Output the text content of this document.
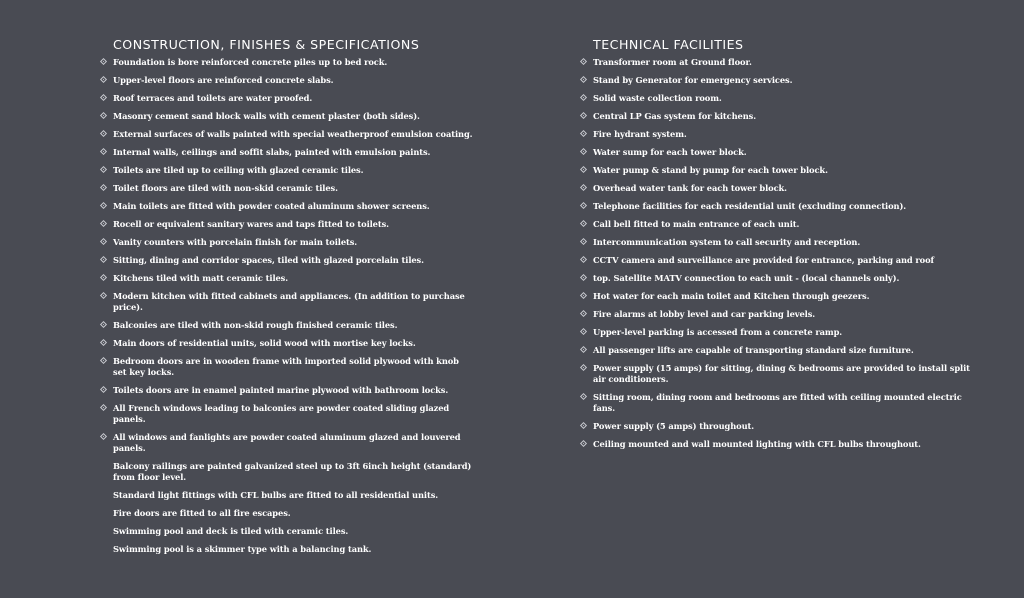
CONSTRUCTION, FINISHES & SPECIFICATIONS
Foundation is bore reinforced concrete piles up to bed rock.
Upper-level floors are reinforced concrete slabs.
Roof terraces and toilets are water proofed.
Masonry cement sand block walls with cement plaster (both sides).
External surfaces of walls painted with special weatherproof emulsion coating.
Internal walls, ceilings and soffit slabs, painted with emulsion paints.
Toilets are tiled up to ceiling with glazed ceramic tiles.
Toilet floors are tiled with non-skid ceramic tiles.
Main toilets are fitted with powder coated aluminum shower screens.
Rocell or equivalent sanitary wares and taps fitted to toilets.
Vanity counters with porcelain finish for main toilets.
Sitting, dining and corridor spaces, tiled with glazed porcelain tiles.
Kitchens tiled with matt ceramic tiles.
Modern kitchen with fitted cabinets and appliances. (In addition to purchase price).
Balconies are tiled with non-skid rough finished ceramic tiles.
Main doors of residential units, solid wood with mortise key locks.
Bedroom doors are in wooden frame with imported solid plywood with knob set key locks.
Toilets doors are in enamel painted marine plywood with bathroom locks.
All French windows leading to balconies are powder coated sliding glazed panels.
All windows and fanlights are powder coated aluminum glazed and louvered panels.
Balcony railings are painted galvanized steel up to 3ft 6inch height (standard) from floor level.
Standard light fittings with CFL bulbs are fitted to all residential units.
Fire doors are fitted to all fire escapes.
Swimming pool and deck is tiled with ceramic tiles.
Swimming pool is a skimmer type with a balancing tank.
TECHNICAL FACILITIES
Transformer room at Ground floor.
Stand by Generator for emergency services.
Solid waste collection room.
Central LP Gas system for kitchens.
Fire hydrant system.
Water sump for each tower block.
Water pump & stand by pump for each tower block.
Overhead water tank for each tower block.
Telephone facilities for each residential unit (excluding connection).
Call bell fitted to main entrance of each unit.
Intercommunication system to call security and reception.
CCTV camera and surveillance are provided for entrance, parking and roof
top. Satellite MATV connection to each unit - (local channels only).
Hot water for each main toilet and Kitchen through geezers.
Fire alarms at lobby level and car parking levels.
Upper-level parking is accessed from a concrete ramp.
All passenger lifts are capable of transporting standard size furniture.
Power supply (15 amps) for sitting, dining & bedrooms are provided to install split air conditioners.
Sitting room, dining room and bedrooms are fitted with ceiling mounted electric fans.
Power supply (5 amps) throughout.
Ceiling mounted and wall mounted lighting with CFL bulbs throughout.
